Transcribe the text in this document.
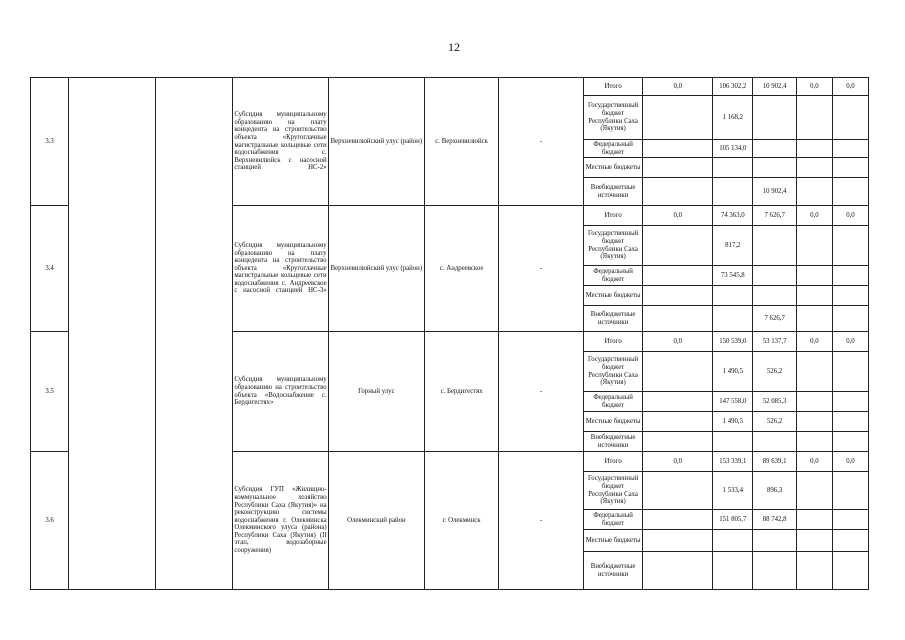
12
3.3			Субсидия муниципальному образованию на плату концедента на строительство объекта «Кругоглачные магистральные кольцевые сети водоснабжения с. Верхневилюйск с насосной станцией НС-2»	Верхневилюйский улус (район)	с. Верхневилюйск	-	Итого	0,0	106 302,2	10 902,4	0,0	0,0
							Государственный бюджет Республики Саха (Якутия)		1 168,2			
							Федеральный бюджет		105 134,0			
							Местные бюджеты					
							Внебюджетные источники			10 902,4		
3.4			Субсидия муниципальному образованию на плату концедента на строительство объекта «Кругоглачные магистральные кольцевые сети водоснабжения с. Андреевское с насосной станцией НС-3»	Верхневилюйский улус (район)	с. Андреевское	-	Итого	0,0	74 363,0	7 626,7	0,0	0,0
							Государственный бюджет Республики Саха (Якутия)		817,2			
							Федеральный бюджет		73 545,8			
							Местные бюджеты					
							Внебюджетные источники			7 626,7		
3.5			Субсидия муниципальному образованию на строительство объекта «Водоснабжение с. Бердигестях»	Горный улус	с. Бердигестях	-	Итого	0,0	150 539,0	53 137,7	0,0	0,0
							Государственный бюджет Республики Саха (Якутия)		1 490,5	526,2		
							Федеральный бюджет		147 558,0	52 085,3		
							Местные бюджеты		1 490,5	526,2		
							Внебюджетные источники					
3.6			Субсидия ГУП «Жилищно-коммунальное хозяйство Республики Саха (Якутия)» на реконструкцию системы водоснабжения г. Олекминска Олекминского улуса (района) Республики Саха (Якутия) (II этап, водозаборные сооружения)	Олекминский район	г. Олекминск	-	Итого	0,0	153 339,1	89 639,1	0,0	0,0
							Государственный бюджет Республики Саха (Якутия)		1 533,4	896,3		
							Федеральный бюджет		151 805,7	88 742,8		
							Местные бюджеты					
							Внебюджетные источники					
